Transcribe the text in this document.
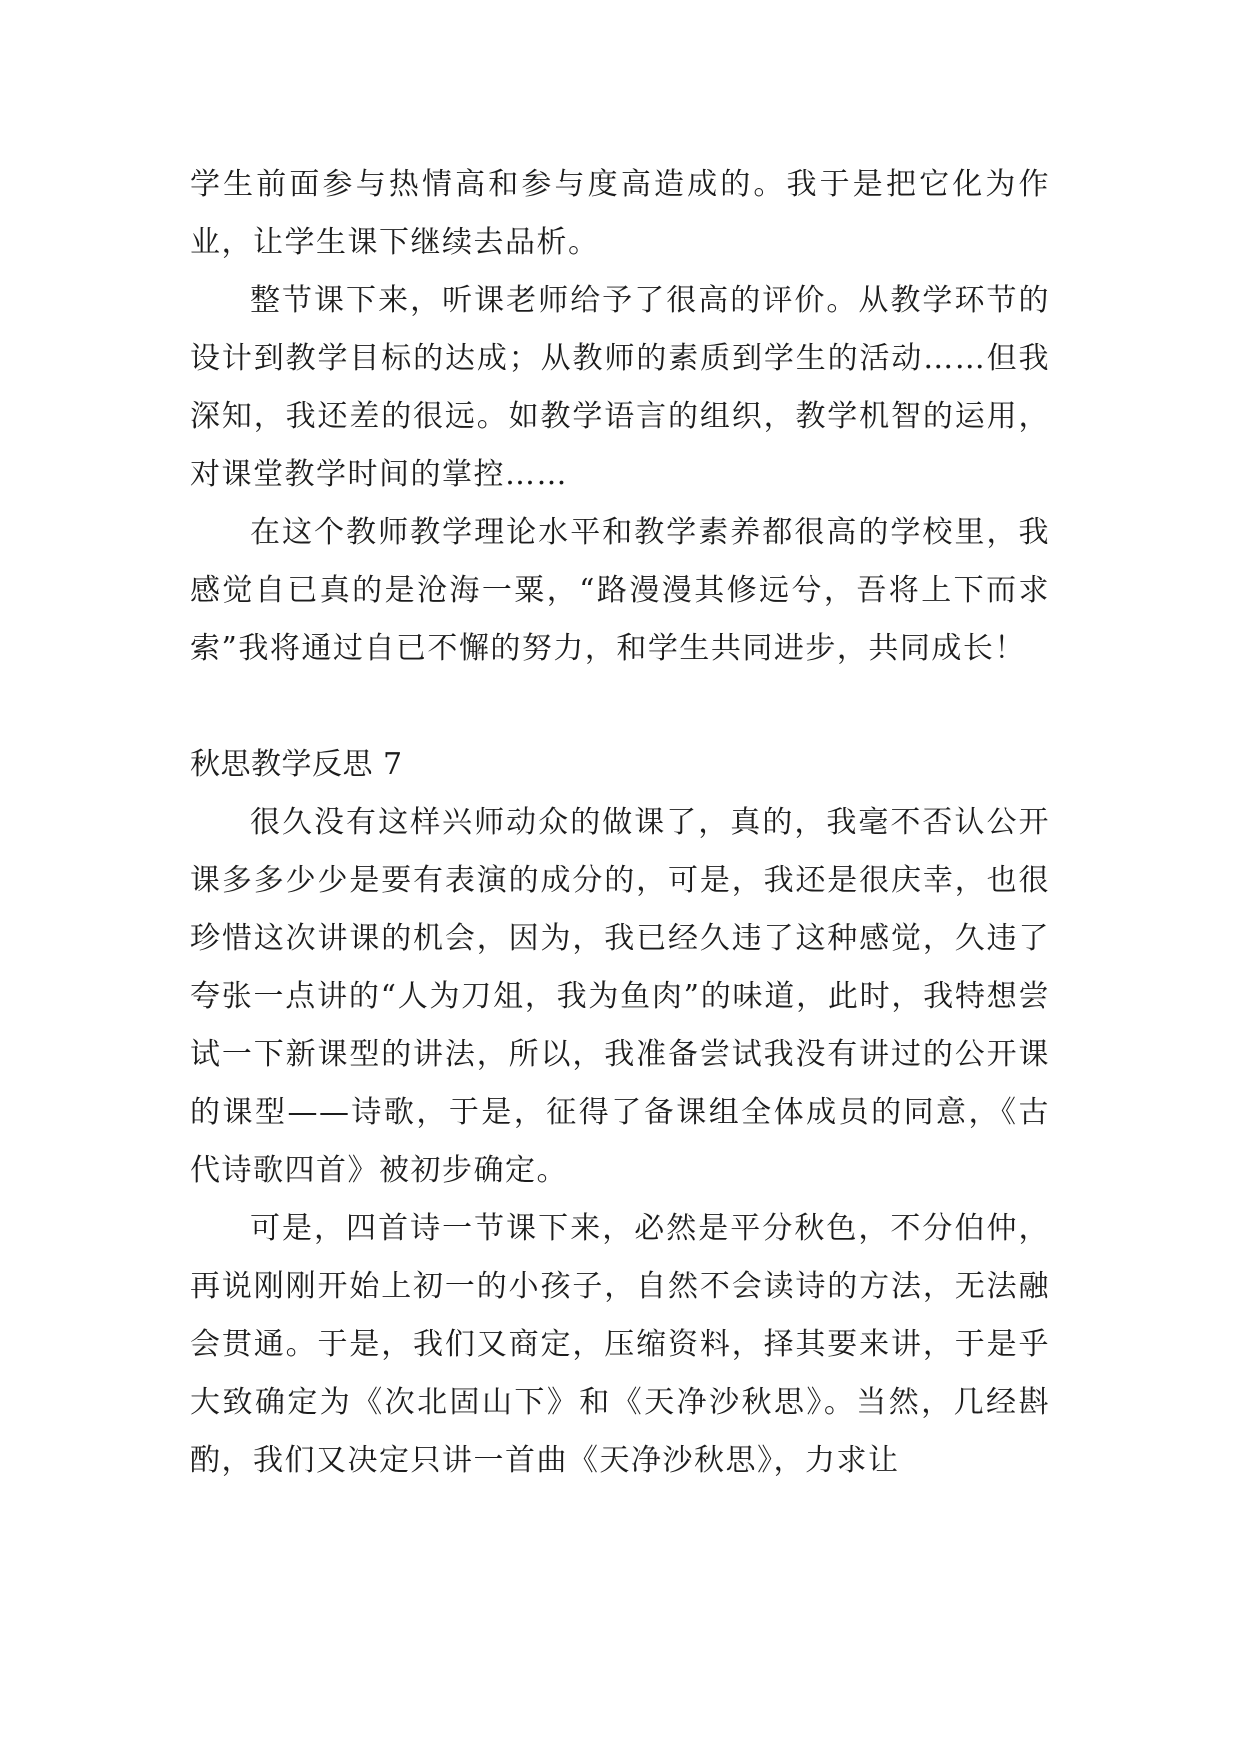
学生前面参与热情高和参与度高造成的。我于是把它化为作业，让学生课下继续去品析。

整节课下来，听课老师给予了很高的评价。从教学环节的设计到教学目标的达成；从教师的素质到学生的活动……但我深知，我还差的很远。如教学语言的组织，教学机智的运用，对课堂教学时间的掌控……

在这个教师教学理论水平和教学素养都很高的学校里，我感觉自已真的是沧海一粟，“路漫漫其修远兮，吾将上下而求索”我将通过自已不懈的努力，和学生共同进步，共同成长！

秋思教学反思 7

很久没有这样兴师动众的做课了，真的，我毫不否认公开课多多少少是要有表演的成分的，可是，我还是很庆幸，也很珍惜这次讲课的机会，因为，我已经久违了这种感觉，久违了夸张一点讲的“人为刀俎，我为鱼肉”的味道，此时，我特想尝试一下新课型的讲法，所以，我准备尝试我没有讲过的公开课的课型——诗歌，于是，征得了备课组全体成员的同意，《古代诗歌四首》被初步确定。

可是，四首诗一节课下来，必然是平分秋色，不分伯仲，再说刚刚开始上初一的小孩子，自然不会读诗的方法，无法融会贯通。于是，我们又商定，压缩资料，择其要来讲，于是乎大致确定为《次北固山下》和《天净沙秋思》。当然，几经斟酌，我们又决定只讲一首曲《天净沙秋思》，力求让
